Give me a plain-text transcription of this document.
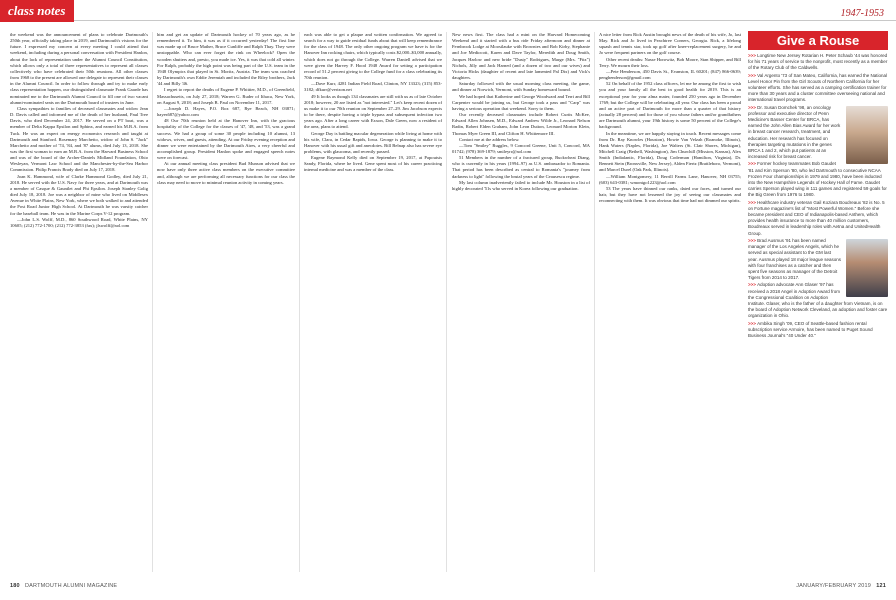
class notes	1947-1953

the weekend was the announcement of plans to celebrate Dartmouth's 250th year, officially taking place in 2019, and Dartmouth's visions for the future. I expressed my concern at every meeting I could attend that weekend, including during a personal conversation with President Hanlon, about the lack of representation under the Alumni Council Constitution, which allows only a total of three representatives to represent all classes collectively who have celebrated their 50th reunions. All other classes from 1968 to the present are allowed one delegate to represent their classes in the Alumni Council. In order to follow through and try to make early class representation happen, our distinguished classmate Frank Gaarde has nominated me to the Dartmouth Alumni Council to fill one of two vacant alumni-nominated seats on the Dartmouth board of trustees in June.

Class sympathies to families of deceased classmates and widow Jean D. Davis called and informed me of the death of her husband, Paul Tree Davis, who died December 24, 2017. He served on a PT boat, was a member of Delta Kappa Epsilon and Sphinx, and earned his M.B.A. from Tuck. He was an expert on energy economics research and taught at Dartmouth and Stanford. Rosemary Marchetto, widow of John S. "Jack" Marchetto and mother of '74, '84, and '87 alums, died July 13, 2018. She was the first woman to earn an M.B.A. from the Harvard Business School and was of the board of the Archer-Daniels Midland Foundation, Ohio Wesleyan, Vermont Law School and the Manchester-by-the-Sea Harbor Commission. Philip Francis Brady died on July 17, 2018.

Joan K. Hammond, wife of Clarke Hammond Godley, died July 21, 2018. He served with the U.S. Navy for three years, and at Dartmouth was a member of Casque & Gauntlet and Phi Epsilon. Joseph Stanley Golig died July 18, 2018. Joe was a neighbor of mine who lived on Middlesex Avenue in White Plains, New York, where we both walked to and attended the Post Road Junior High School. At Dartmouth he was varsity catcher for the baseball team. He was in the Marine Corps V-12 program.

—John L.S. Wolff, M.D., 860 Southwood Road, White Plains, NY 10605; (212) 772-1700; (212) 772-3853 (fax); jlswolff@aol.com

him and get an update of Dartmouth hockey of 70 years ago, as he remembered it. To him, it was as if it occurred yesterday! The first line was made up of Bruce Mather, Bruce Cunliffe and Ralph Thay. They were unstoppable. Who can ever forget the rink on Wheelock? Open the wooden shutters and, presto, you made ice. Yes, it was that cold all winter. For Ralph, probably the high point was being part of the U.S. team in the 1948 Olympics that played in St. Moritz, Austria. The team was coached by Dartmouth's own Eddie Jeremiah and included the Riley brothers, Jack '44 and Billy '46.

I regret to report the deaths of Eugene P. Whittier, M.D., of Greenfield, Massachusetts, on July 27, 2018; Warren G. Ruder of Ithaca, New York, on August 9, 2018; and Joseph B. Paul on November 11, 2017.

—Joseph D. Hayes, P.O. Box 687, Rye Beach, NH 03871; hayes687@yahoo.com

48 Our 70th reunion held at the Hanover Inn, with the gracious hospitality of the College for the classes of '47, '48, and '53, was a grand success. We had a group of some 30 people including 10 alumni, 13 widows, wives, and guests, attending. At our Friday evening reception and dinner we were entertained by the Dartmouth Aires, a very cheerful and accomplished group. President Hanlon spoke and engaged speech notes were on forecast.

At our annual meeting class president Bud Munson advised that we now have only three active class members on the executive committee and, although we are performing all necessary functions for our class the class may need to move to minimal reunion activity in coming years.

each was able to get a plaque and written confirmation. We agreed to search for a way to guide residual funds about that will keep remembrance for the class of 1948. The only other ongoing program we have is for the Hanover Inn rocking chairs, which typically costs $2,000–$3,000 annually, which does not go through the College. Warren Daniell advised that we were given the Harvey F. Hood 1948 Award for setting a participation record of 51.2 percent giving to the College fund for a class celebrating its 70th reunion.

—Dave Kurr, 4281 Indian Field Road, Clinton, NY 13323; (315) 853-3182; dfkurr@verizon.net

49 It looks as though 134 classmates are still with us as of late October 2018; however, 20 are listed as "not interested." Let's keep recent dozen of us make it to our 70th reunion on September 27–29. Jim Jacobson expects to be there, despite having a triple bypass and subsequent infection two years ago. After a long career with Exxon, Dale Green, now a resident of the area, plans to attend.

George Day is battling macular degeneration while living at home with his wife, Clara, in Cedar Rapids, Iowa. George is planning to make it to Hanover with his usual gift and anecdotes. Bill Belnap also has severe eye problems, with glaucoma, and recently passed.

Eugene Raymond Kelly died on September 19, 2017, at Papoutsis Sandy, Florida, where he lived. Gene spent most of his career practicing internal medicine and was a member of the class.

New news first. The class had a mini on the Harvard Homecoming Weekend and it started with a bus ride Friday afternoon and dinner at Fernbrook Lodge at Moosilauke with Brownies and Bob Kirby, Stephanie and Joe Mediocott, Karen and Dave Taylor, Meredith and Doug Smith, Jacques Harlow and new bride "Dusty" Rodrigues, Marge (Mrs. "Fitz") Nichols, Jilly and Jack Harned (and a dozen of two and our wives) and Victoria Hicks (daughter of recent and late lamented Pal Dix) and Vick's daughters.

Saturday followed with the usual morning class meeting, the game, and dinner at Norwich, Vermont, with Sunday homeward bound.

We had hoped that Katherine and George Woodward and Terri and Bill Carpenter would be joining us, but George took a pass and "Carp" was having a serious operation that weekend. Sorry to them.

Our recently deceased classmates include Robert Curtis McKee, Edward Allen Johnsen, M.D., Edward Andrew Wilde Jr., Leonard Nelson Radin, Robert Elden Graham, John Leon Dutton, Leonard Morton Klein, Thomas Myer Green III, and Clifton H. Whittemore III.

Contact me at the address below.

—Tom "Smiley" Ruggles, 9 Concord Greene, Unit 5, Concord, MA 01742; (978) 369-1879; smileyrr@aol.com

51 Members in the number of a fractured group, Buckwheat Diang, who is currently in his years (1994–97) as U.S. ambassador to Romania. That period has been described as central to Romania's "journey from darkness to light" following the brutal years of the Ceausescu regime.

My last column inadvertently failed to include Mr. Houston in a list of highly decorated '51s who served in Korea following our graduation.

A nice letter from Rick Austin brought news of the death of his wife, Jo, last May. Rick and Jo lived in Peachtree Corners, Georgia. Rick, a lifelong squash and tennis star, took up golf after knee-replacement surgery, he and Jo were frequent partners on the golf course.

Other recent deaths: Nasse Horowitz, Bob Moore, Stan Shipper, and Bill Terry. We mourn their loss.

—Pete Henderson, 450 Davis St., Evanston, IL 60201; (847) 866-0639; penghenderson@gmail.com

52 On behalf of the 1952 class officers, let me be among the first to wish you and your family all the best in good health for 2019. This is an exceptional year for your alma mater, founded 250 years ago in December 1769; but the College will be celebrating all year. Our class has been a proud and an active part of Dartmouth for more than a quarter of that history (actually 28 percent) and for those of you whose fathers and/or grandfathers are Dartmouth alumni, your 19th history is some 50 percent of the College's background.

In the meantime, we are happily staying in touch. Recent messages come from Dr. Ray Knowles (Houston), Howie Van Velzah (Roanoke, Illinois), Hank Waters (Naples, Florida), Joe Walters (St. Clair Shores, Michigan), Mitchell Craig (Bethell, Washington), Jim Churchill (Mission, Kansas), Alex Smith (Indialantic, Florida), Doug Coderman (Hamilton, Virginia), Dr. Bennett Stein (Bronxville, New Jersey), Alden Fiertz (Brattleboro, Vermont), and Marcel Durel (Oak Park, Illinois).

—William Montgomery, 11 Berrill Farms Lane, Hanover, NH 03755; (603) 643-0381; wmontgo1223@aol.com

53 The years have thinned our ranks, dated our faces, and turned our hair, but they have not lessened the joy of seeing our classmates and reconnecting with them. It was obvious that time had not dimmed our spirits.

Give a Rouse

>>> Longtime New Jersey Rotarian H. Peter Schaub '44 was honored for his 71 years of service to the nonprofit, most recently as a member of the Rotary Club of the Caldwells.

>>> Val Argento '73 of San Mateo, California, has earned the National Level Honor Pin from the Girl Scouts of Northern California for her volunteer efforts. She has served as a camping certification trainer for more than 30 years and a cluster committee overseeing national and international travel programs.

>>> Dr. Susan Domchek '98, an oncology professor and executive director of Penn Medicine's Basser Center for BRCA, has earned the John Allen Bias Award for her work in breast cancer research, treatment, and education. Her research has focused on therapies targeting mutations in the genes BRCA 1 and 2, which put patients at an increased risk for breast cancer.

>>> Former hockey teammates Bob Gaudet '81 and Kim Sperson '80, who led Dartmouth to consecutive NCAA Frozen Four championships in 1979 and 1980, have been inducted into the New Hampshire Legends of Hockey Hall of Fame. Gaudet carries Sperson played wing in 111 games and registered 59 goals for the Big Green from 1976 to 1980.

>>> Healthcare industry veteran Gail Koziara Boudreaux '82 is No. 5 on Fortune magazine's list of "Most Powerful Women." Before she became president and CEO of Indianapolis-based Anthem, which provides health insurance to more than 40 million customers, Boudreaux served in leadership roles with Aetna and UnitedHealth Group.

>>> Brad Ausmus '91 has been named manager of the Los Angeles Angels, which he served as special assistant to the GM last year. Ausmus played 18 major league seasons with four franchises as a catcher and then spent five seasons as manager of the Detroit Tigers from 2014 to 2017.

>>> Adoption advocate Ann Glaser '97 has received a 2018 Angel in Adoption Award from the Congressional Coalition on Adoption Institute. Glaser, who is the father of a daughter from Vietnam, is on the board of Adoption Network Cleveland, an adoption and foster care organization in Ohio.

>>> Ambika Singh '09, CEO of Seattle-based fashion rental subscription service Armoire, has been named to Puget Sound Business Journal's "40 Under 40."

180 DARTMOUTH ALUMNI MAGAZINE	JANUARY/FEBRUARY 2019 121
